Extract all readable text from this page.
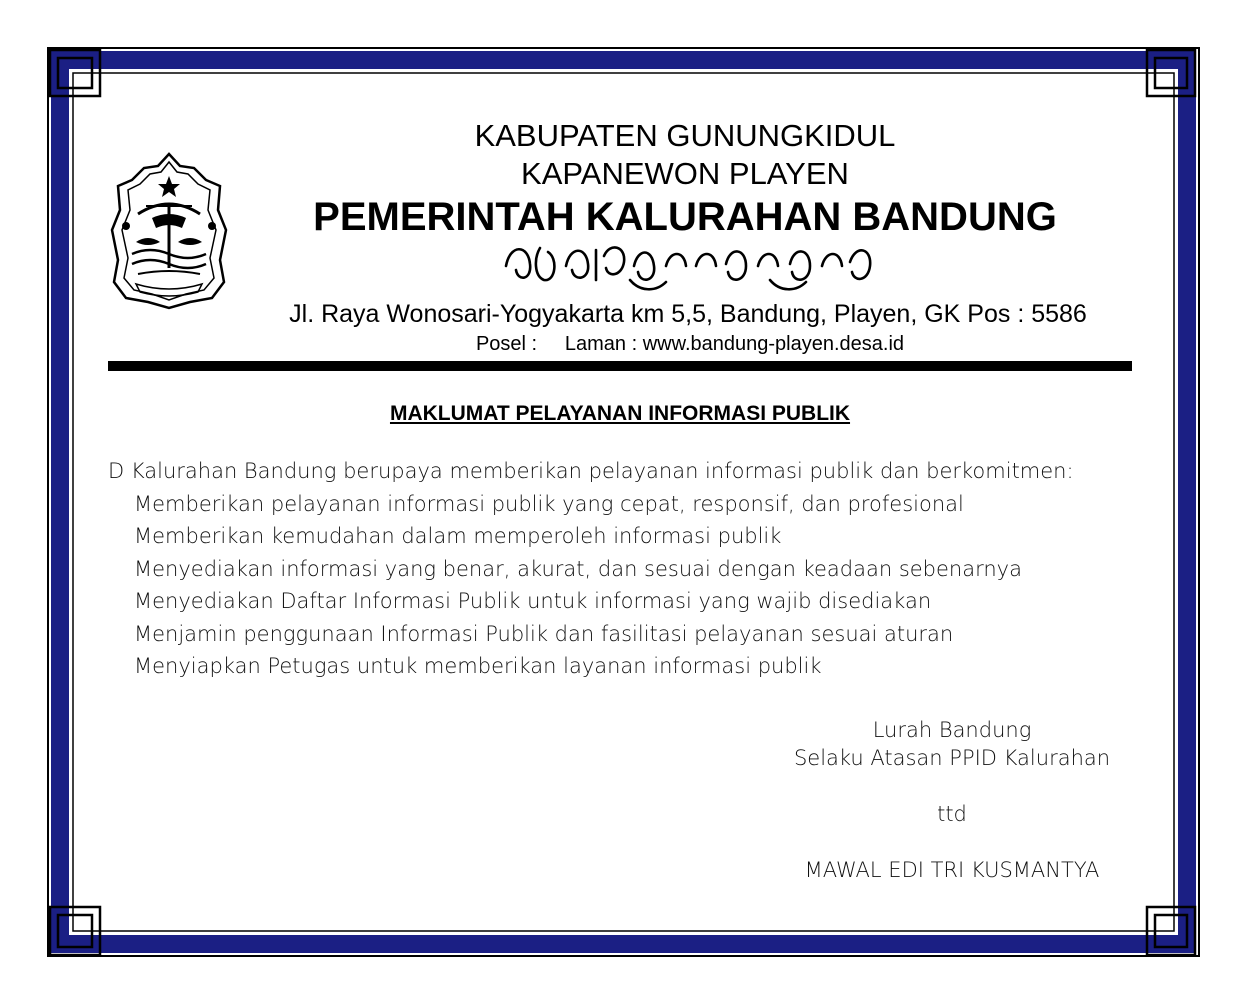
KABUPATEN GUNUNGKIDUL
KAPANEWON PLAYEN
PEMERINTAH KALURAHAN BANDUNG
Jl. Raya Wonosari-Yogyakarta km 5,5, Bandung, Playen, GK Pos : 5586
Posel :     Laman : www.bandung-playen.desa.id
MAKLUMAT PELAYANAN INFORMASI PUBLIK
D Kalurahan Bandung berupaya memberikan pelayanan informasi publik dan berkomitmen:
Memberikan pelayanan informasi publik yang cepat, responsif, dan profesional
Memberikan kemudahan dalam memperoleh informasi publik
Menyediakan informasi yang benar, akurat, dan sesuai dengan keadaan sebenarnya
Menyediakan Daftar Informasi Publik untuk informasi yang wajib disediakan
Menjamin penggunaan Informasi Publik dan fasilitasi pelayanan sesuai aturan
Menyiapkan Petugas untuk memberikan layanan informasi publik
Lurah Bandung
Selaku Atasan PPID Kalurahan
ttd
MAWAL EDI TRI KUSMANTYA
